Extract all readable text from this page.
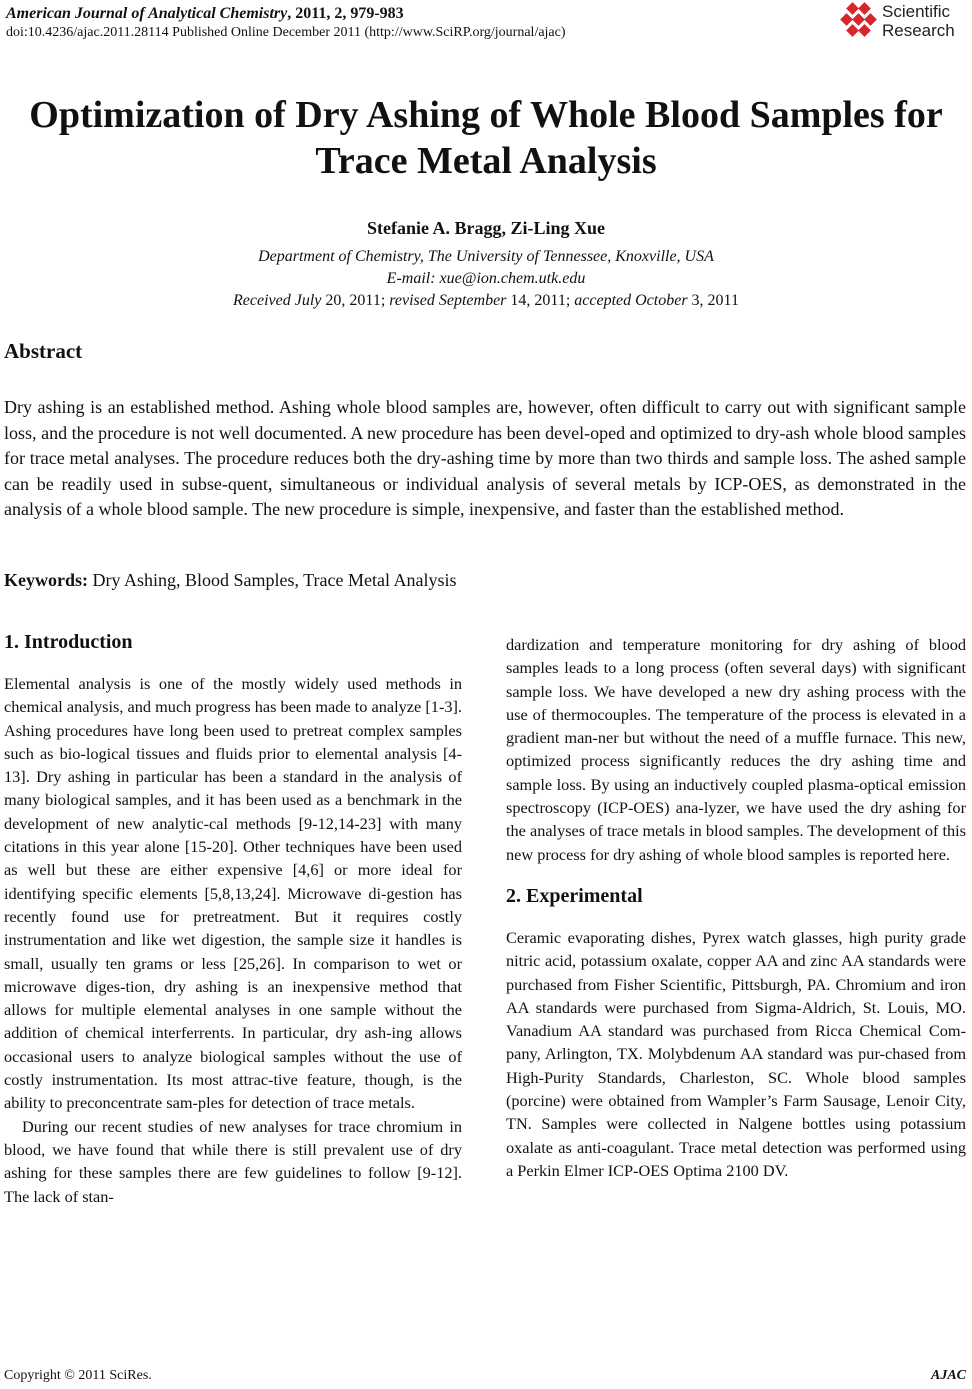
American Journal of Analytical Chemistry, 2011, 2, 979-983
doi:10.4236/ajac.2011.28114 Published Online December 2011 (http://www.SciRP.org/journal/ajac)
Scientific
Research
Optimization of Dry Ashing of Whole Blood Samples for
Trace Metal Analysis
Stefanie A. Bragg, Zi-Ling Xue
Department of Chemistry, The University of Tennessee, Knoxville, USA
E-mail: xue@ion.chem.utk.edu
Received July 20, 2011; revised September 14, 2011; accepted October 3, 2011
Abstract

Dry ashing is an established method. Ashing whole blood samples are, however, often difficult to carry out with significant sample loss, and the procedure is not well documented. A new procedure has been devel-oped and optimized to dry-ash whole blood samples for trace metal analyses. The procedure reduces both the dry-ashing time by more than two thirds and sample loss. The ashed sample can be readily used in subse-quent, simultaneous or individual analysis of several metals by ICP-OES, as demonstrated in the analysis of a whole blood sample. The new procedure is simple, inexpensive, and faster than the established method.

Keywords: Dry Ashing, Blood Samples, Trace Metal Analysis
1. Introduction

Elemental analysis is one of the mostly widely used methods in chemical analysis, and much progress has been made to analyze [1-3]. Ashing procedures have long been used to pretreat complex samples such as bio-logical tissues and fluids prior to elemental analysis [4-13]. Dry ashing in particular has been a standard in the analysis of many biological samples, and it has been used as a benchmark in the development of new analytic-cal methods [9-12,14-23] with many citations in this year alone [15-20]. Other techniques have been used as well but these are either expensive [4,6] or more ideal for identifying specific elements [5,8,13,24]. Microwave di-gestion has recently found use for pretreatment. But it requires costly instrumentation and like wet digestion, the sample size it handles is small, usually ten grams or less [25,26]. In comparison to wet or microwave diges-tion, dry ashing is an inexpensive method that allows for multiple elemental analyses in one sample without the addition of chemical interferrents. In particular, dry ash-ing allows occasional users to analyze biological samples without the use of costly instrumentation. Its most attrac-tive feature, though, is the ability to preconcentrate sam-ples for detection of trace metals.

During our recent studies of new analyses for trace chromium in blood, we have found that while there is still prevalent use of dry ashing for these samples there are few guidelines to follow [9-12]. The lack of stan-

dardization and temperature monitoring for dry ashing of blood samples leads to a long process (often several days) with significant sample loss. We have developed a new dry ashing process with the use of thermocouples. The temperature of the process is elevated in a gradient man-ner but without the need of a muffle furnace. This new, optimized process significantly reduces the dry ashing time and sample loss. By using an inductively coupled plasma-optical emission spectroscopy (ICP-OES) ana-lyzer, we have used the dry ashing for the analyses of trace metals in blood samples. The development of this new process for dry ashing of whole blood samples is reported here.

2. Experimental

Ceramic evaporating dishes, Pyrex watch glasses, high purity grade nitric acid, potassium oxalate, copper AA and zinc AA standards were purchased from Fisher Scientific, Pittsburgh, PA. Chromium and iron AA standards were purchased from Sigma-Aldrich, St. Louis, MO. Vanadium AA standard was purchased from Ricca Chemical Com-pany, Arlington, TX. Molybdenum AA standard was pur-chased from High-Purity Standards, Charleston, SC. Whole blood samples (porcine) were obtained from Wampler’s Farm Sausage, Lenoir City, TN. Samples were collected in Nalgene bottles using potassium oxalate as anti-coagulant. Trace metal detection was performed using a Perkin Elmer ICP-OES Optima 2100 DV.

Copyright © 2011 SciRes.	AJAC
